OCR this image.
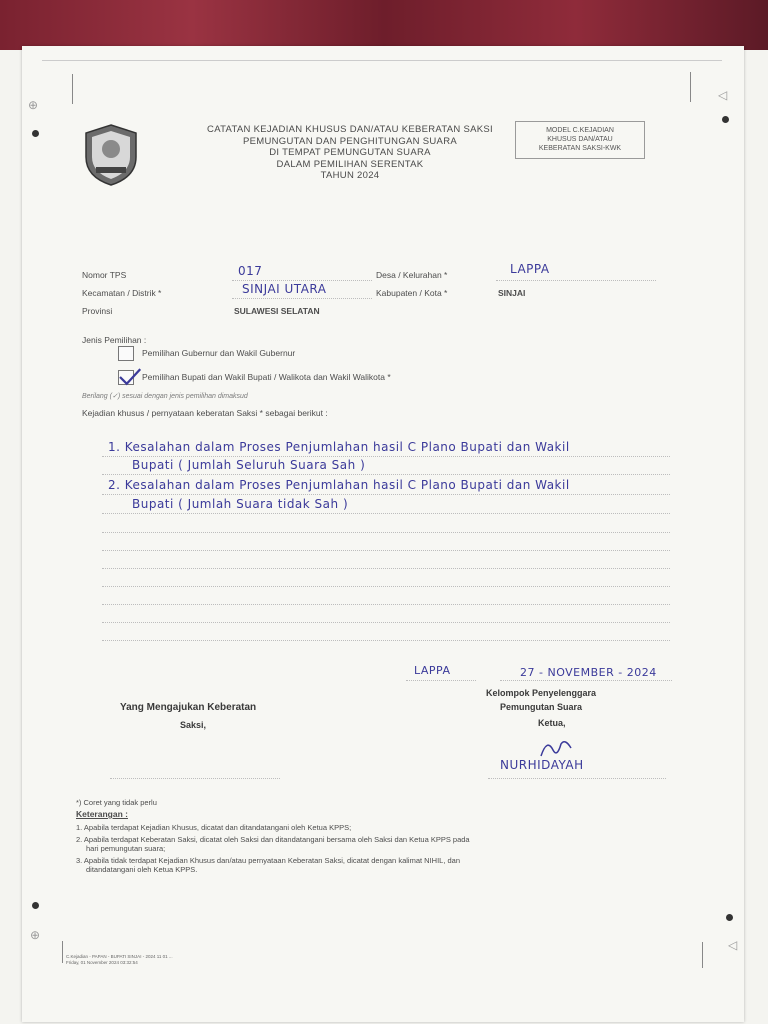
⊕
◁
CATATAN KEJADIAN KHUSUS DAN/ATAU KEBERATAN SAKSI
PEMUNGUTAN DAN PENGHITUNGAN SUARA
DI TEMPAT PEMUNGUTAN SUARA
DALAM PEMILIHAN SERENTAK
TAHUN 2024
MODEL C.KEJADIAN
KHUSUS DAN/ATAU
KEBERATAN SAKSI-KWK
Nomor TPS	017	Desa / Kelurahan *	LAPPA
Kecamatan / Distrik *	SINJAI UTARA	Kabupaten / Kota *	SINJAI
Provinsi	SULAWESI SELATAN
Jenis Pemilihan :
Pemilihan Gubernur dan Wakil Gubernur
Pemilihan Bupati dan Wakil Bupati / Walikota dan Wakil Walikota *
Berilang (✓) sesuai dengan jenis pemilihan dimaksud
Kejadian khusus / pernyataan keberatan Saksi * sebagai berikut :
1. Kesalahan dalam Proses Penjumlahan hasil C Plano Bupati dan Wakil
Bupati ( Jumlah Seluruh Suara Sah )
2. Kesalahan dalam Proses Penjumlahan hasil C Plano Bupati dan Wakil
Bupati ( Jumlah Suara tidak Sah )
LAPPA	27 - NOVEMBER - 2024
Yang Mengajukan Keberatan
Saksi,
Kelompok Penyelenggara
Pemungutan Suara
Ketua,
NURHIDAYAH
*) Coret yang tidak perlu
Keterangan :
1. Apabila terdapat Kejadian Khusus, dicatat dan ditandatangani oleh Ketua KPPS;
2. Apabila terdapat Keberatan Saksi, dicatat oleh Saksi dan ditandatangani bersama oleh Saksi dan Ketua KPPS pada
hari pemungutan suara;
3. Apabila tidak terdapat Kejadian Khusus dan/atau pernyataan Keberatan Saksi, dicatat dengan kalimat NIHIL, dan
ditandatangani oleh Ketua KPPS.
⊕
◁
C.Kejadian - PAPAN - BUPATI SINJAI - 2024 11 01 ...
Friday, 01 November 2024 03:32:54
